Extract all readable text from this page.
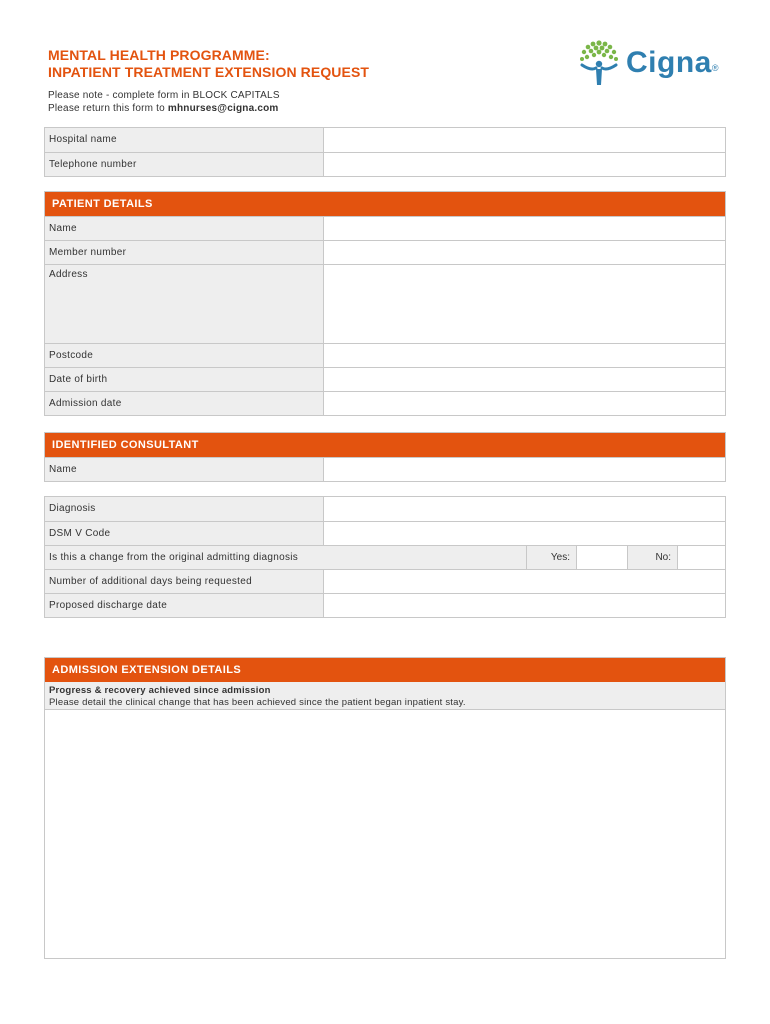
MENTAL HEALTH PROGRAMME:
INPATIENT TREATMENT EXTENSION REQUEST
Please note - complete form in BLOCK CAPITALS
Please return this form to mhnurses@cigna.com
Cigna®
Hospital name
Telephone number
PATIENT DETAILS
Name
Member number
Address
Postcode
Date of birth
Admission date
IDENTIFIED CONSULTANT
Name
Diagnosis
DSM V Code
Is this a change from the original admitting diagnosis	Yes:	No:
Number of additional days being requested
Proposed discharge date
ADMISSION EXTENSION DETAILS
Progress & recovery achieved since admission
Please detail the clinical change that has been achieved since the patient began inpatient stay.
